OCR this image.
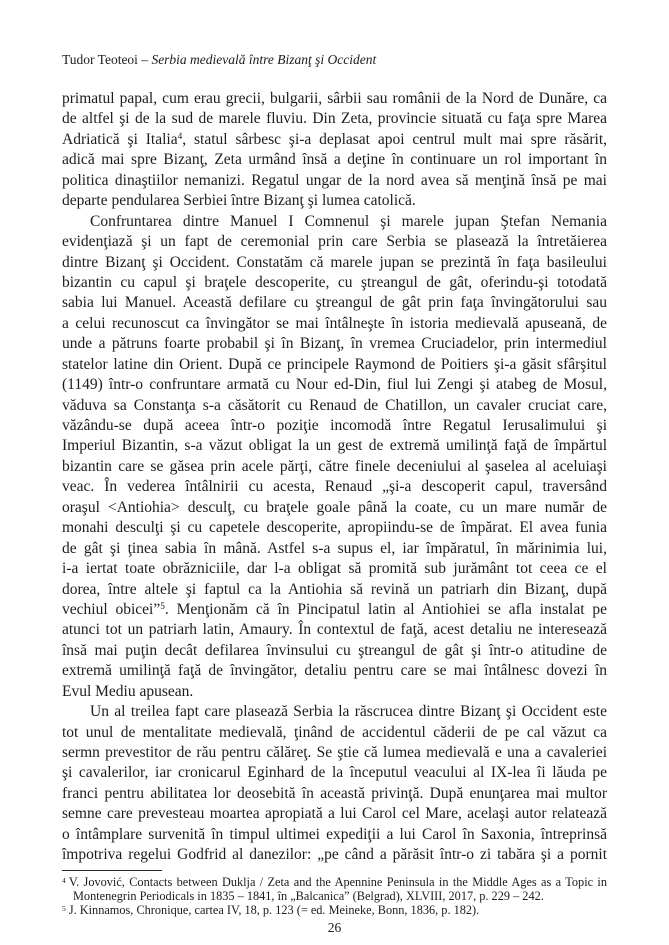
Tudor Teoteoi – Serbia medievală între Bizanţ şi Occident
primatul papal, cum erau grecii, bulgarii, sârbii sau românii de la Nord de Dunăre, ca
de altfel şi de la sud de marele fluviu. Din Zeta, provincie situată cu faţa spre Marea
Adriatică şi Italia$^4$, statul sârbesc şi-a deplasat apoi centrul mult mai spre răsărit,
adică mai spre Bizanţ, Zeta urmând însă a deţine în continuare un rol important în
politica dinaştiilor nemanizi. Regatul ungar de la nord avea să menţină însă pe mai
departe pendularea Serbiei între Bizanţ şi lumea catolică.
Confruntarea dintre Manuel I Comnenul şi marele jupan Ştefan Nemania
evidenţiază şi un fapt de ceremonial prin care Serbia se plasează la întretăierea
dintre Bizanţ şi Occident. Constatăm că marele jupan se prezintă în faţa basileului
bizantin cu capul şi braţele descoperite, cu ştreangul de gât, oferindu-şi totodată
sabia lui Manuel. Această defilare cu ştreangul de gât prin faţa învingătorului sau
a celui recunoscut ca învingător se mai întâlneşte în istoria medievală apuseană, de
unde a pătruns foarte probabil şi în Bizanţ, în vremea Cruciadelor, prin intermediul
statelor latine din Orient. După ce principele Raymond de Poitiers şi-a găsit sfârşitul
(1149) într-o confruntare armată cu Nour ed-Din, fiul lui Zengi şi atabeg de Mosul,
văduva sa Constanţa s-a căsătorit cu Renaud de Chatillon, un cavaler cruciat care,
văzându-se după aceea într-o poziţie incomodă între Regatul Ierusalimului şi
Imperiul Bizantin, s-a văzut obligat la un gest de extremă umilinţă faţă de împărtul
bizantin care se găsea prin acele părţi, către finele deceniului al şaselea al aceluiaşi
veac. În vederea întâlnirii cu acesta, Renaud „şi-a descoperit capul, traversând
oraşul <Antiohia> desculţ, cu braţele goale până la coate, cu un mare număr de
monahi desculţi şi cu capetele descoperite, apropiindu-se de împărat. El avea funia
de gât şi ţinea sabia în mână. Astfel s-a supus el, iar împăratul, în mărinimia lui,
i-a iertat toate obrăzniciile, dar l-a obligat să promită sub jurământ tot ceea ce el
dorea, între altele şi faptul ca la Antiohia să revină un patriarh din Bizanţ, după
vechiul obicei”$^5$. Menţionăm că în Pincipatul latin al Antiohiei se afla instalat pe
atunci tot un patriarh latin, Amaury. În contextul de faţă, acest detaliu ne interesează
însă mai puţin decât defilarea învinsului cu ştreangul de gât şi într-o atitudine de
extremă umilinţă faţă de învingător, detaliu pentru care se mai întâlnesc dovezi în
Evul Mediu apusean.
Un al treilea fapt care plasează Serbia la răscrucea dintre Bizanţ şi Occident este
tot unul de mentalitate medievală, ţinând de accidentul căderii de pe cal văzut ca
sermn prevestitor de rău pentru călăreţ. Se ştie că lumea medievală e una a cavaleriei
şi cavalerilor, iar cronicarul Eginhard de la începutul veacului al IX-lea îi lăuda pe
franci pentru abilitatea lor deosebită în această privinţă. După enunţarea mai multor
semne care prevesteau moartea apropiată a lui Carol cel Mare, acelaşi autor relatează
o întâmplare survenită în timpul ultimei expediţii a lui Carol în Saxonia, întreprinsă
împotriva regelui Godfrid al danezilor: „pe când a părăsit într-o zi tabăra şi a pornit
$^4$ V. Jovović, Contacts between Duklja / Zeta and the Apennine Peninsula in the Middle Ages as a Topic in
Montenegrin Periodicals in 1835 – 1841, în „Balcanica” (Belgrad), XLVIII, 2017, p. 229 – 242.
$^5$ J. Kinnamos, Chronique, cartea IV, 18, p. 123 (= ed. Meineke, Bonn, 1836, p. 182).
26
